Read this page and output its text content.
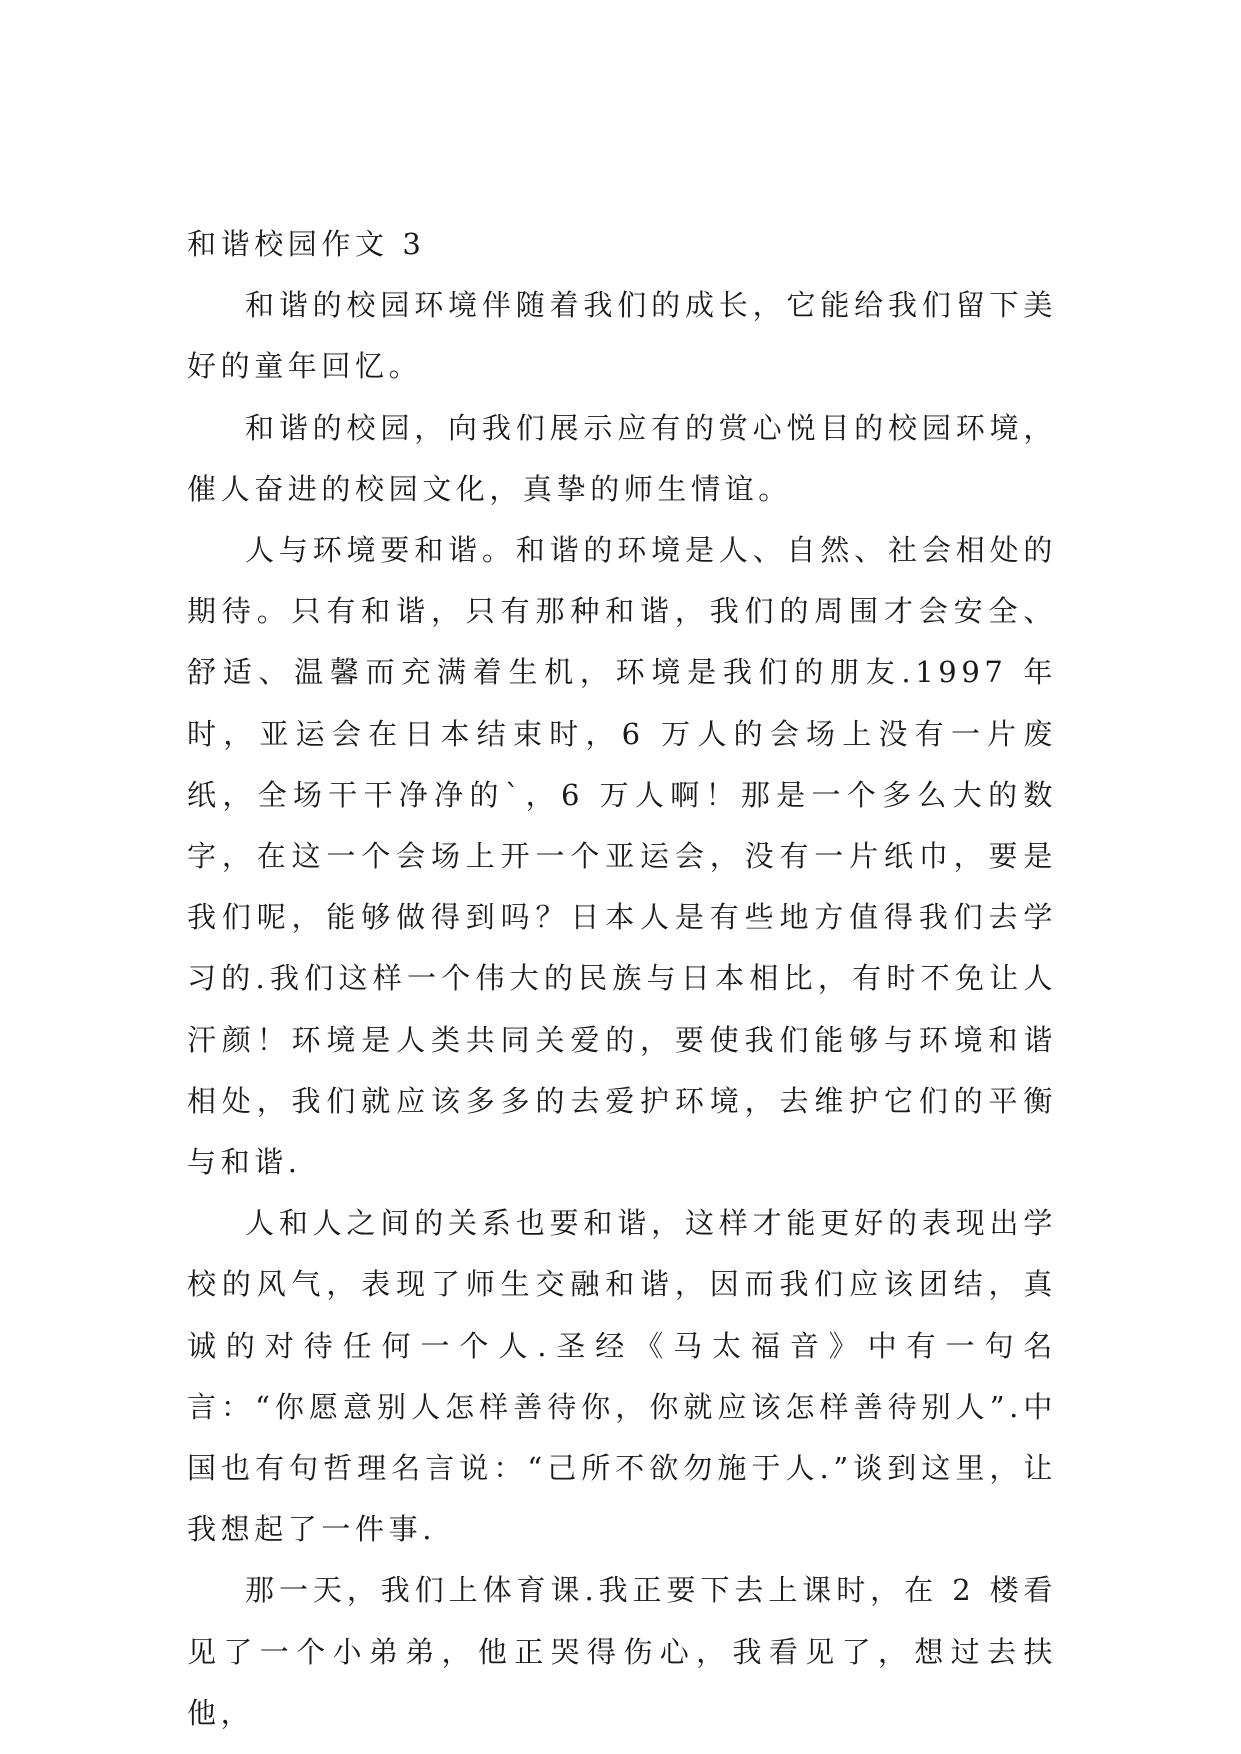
和谐校园作文 3

和谐的校园环境伴随着我们的成长，它能给我们留下美好的童年回忆。

和谐的校园，向我们展示应有的赏心悦目的校园环境，催人奋进的校园文化，真挚的师生情谊。

人与环境要和谐。和谐的环境是人、自然、社会相处的期待。只有和谐，只有那种和谐，我们的周围才会安全、舒适、温馨而充满着生机，环境是我们的朋友.1997 年时，亚运会在日本结束时，6 万人的会场上没有一片废纸，全场干干净净的`，6 万人啊！那是一个多么大的数字，在这一个会场上开一个亚运会，没有一片纸巾，要是我们呢，能够做得到吗？日本人是有些地方值得我们去学习的.我们这样一个伟大的民族与日本相比，有时不免让人汗颜！环境是人类共同关爱的，要使我们能够与环境和谐相处，我们就应该多多的去爱护环境，去维护它们的平衡与和谐.

人和人之间的关系也要和谐，这样才能更好的表现出学校的风气，表现了师生交融和谐，因而我们应该团结，真诚的对待任何一个人.圣经《马太福音》中有一句名言：“你愿意别人怎样善待你，你就应该怎样善待别人”.中国也有句哲理名言说：“己所不欲勿施于人.”谈到这里，让我想起了一件事.

那一天，我们上体育课.我正要下去上课时，在 2 楼看见了一个小弟弟，他正哭得伤心，我看见了，想过去扶他，
